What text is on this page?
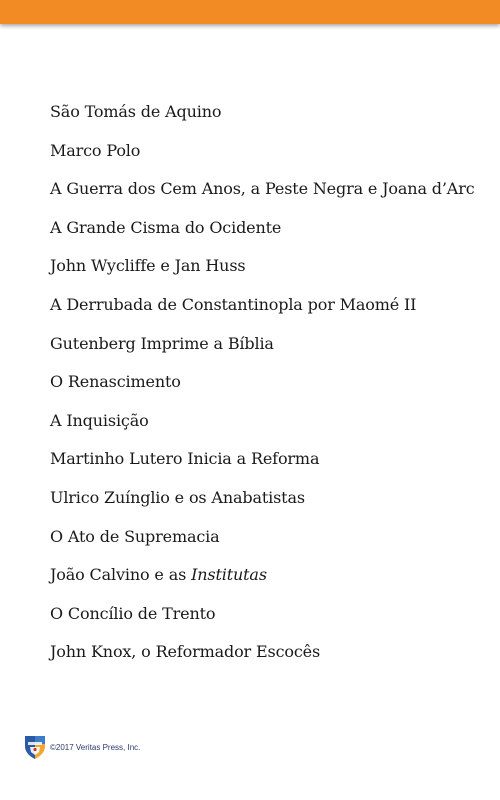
São Tomás de Aquino
Marco Polo
A Guerra dos Cem Anos, a Peste Negra e Joana d’Arc
A Grande Cisma do Ocidente
John Wycliffe e Jan Huss
A Derrubada de Constantinopla por Maomé II
Gutenberg Imprime a Bíblia
O Renascimento
A Inquisição
Martinho Lutero Inicia a Reforma
Ulrico Zuínglio e os Anabatistas
O Ato de Supremacia
João Calvino e as Institutas
O Concílio de Trento
John Knox, o Reformador Escocês
©2017 Veritas Press, Inc.
